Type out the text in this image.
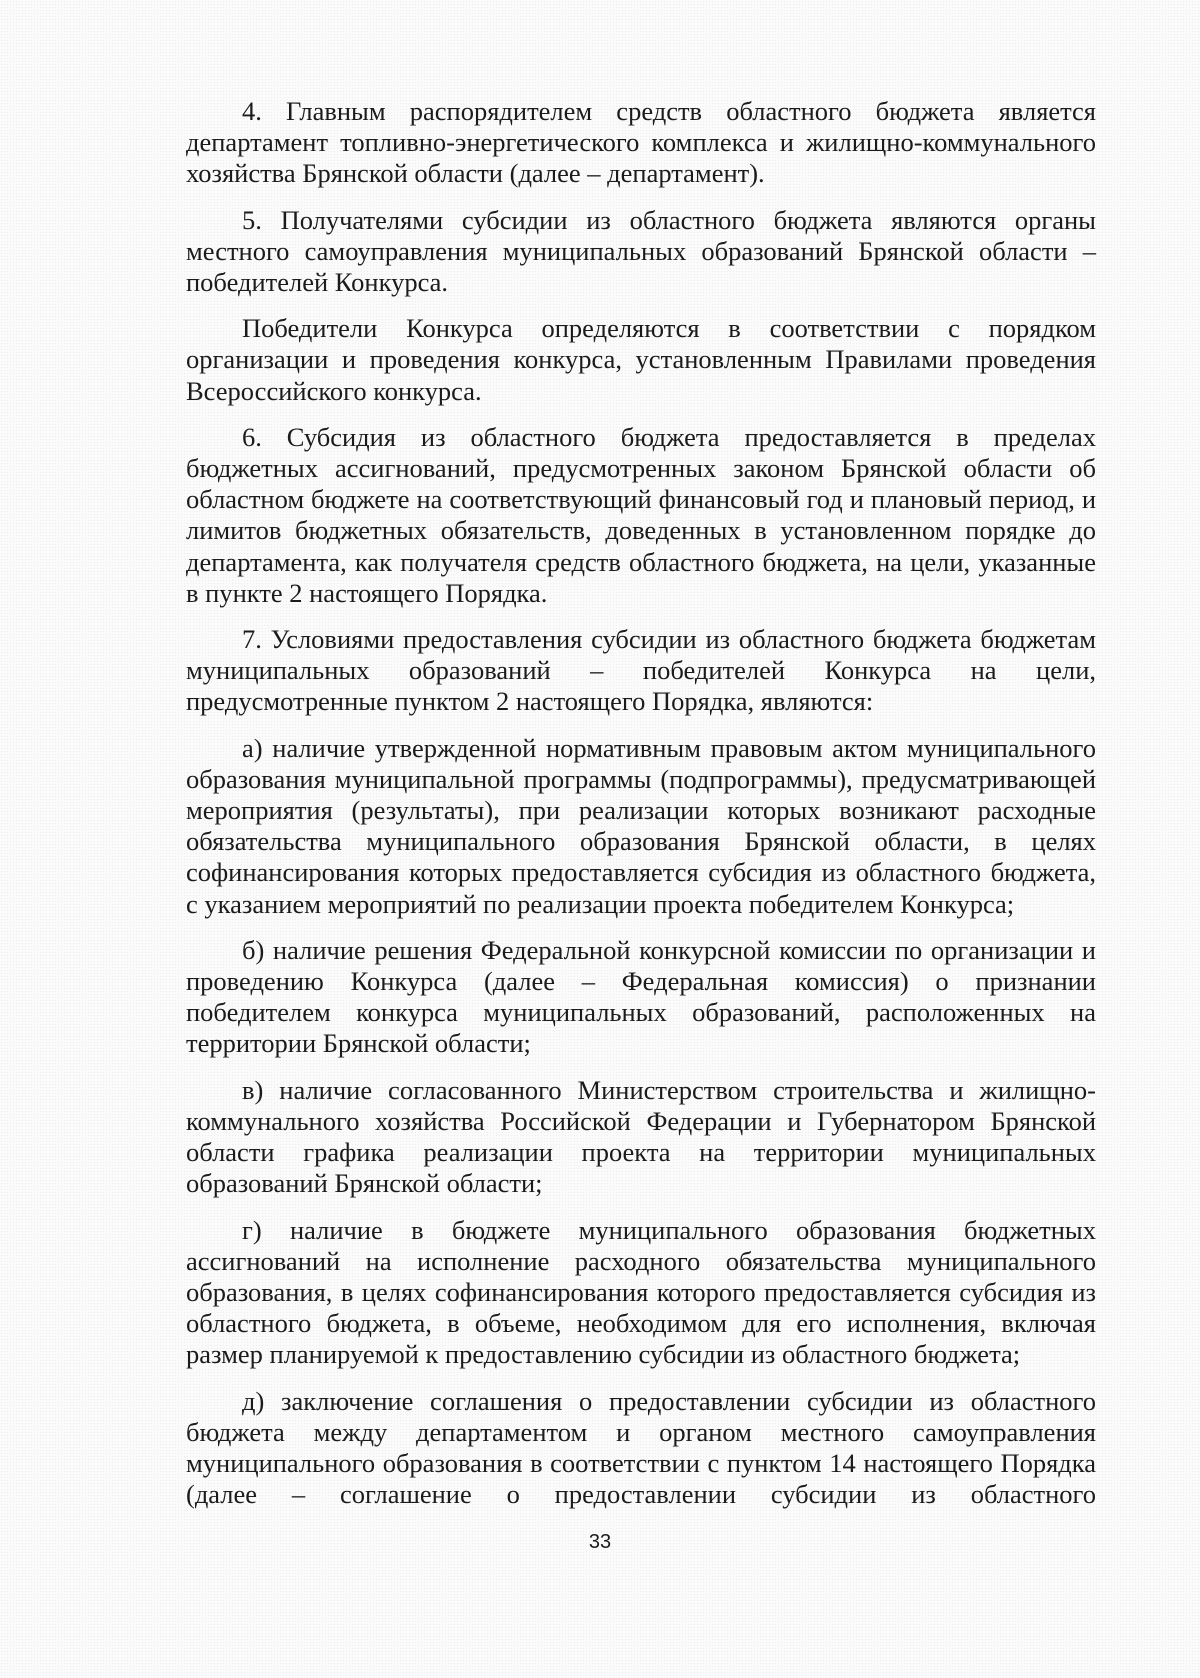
4. Главным распорядителем средств областного бюджета является департамент топливно-энергетического комплекса и жилищно-коммунального хозяйства Брянской области (далее – департамент).

5. Получателями субсидии из областного бюджета являются органы местного самоуправления муниципальных образований Брянской области – победителей Конкурса.

Победители Конкурса определяются в соответствии с порядком организации и проведения конкурса, установленным Правилами проведения Всероссийского конкурса.

6. Субсидия из областного бюджета предоставляется в пределах бюджетных ассигнований, предусмотренных законом Брянской области об областном бюджете на соответствующий финансовый год и плановый период, и лимитов бюджетных обязательств, доведенных в установленном порядке до департамента, как получателя средств областного бюджета, на цели, указанные в пункте 2 настоящего Порядка.

7. Условиями предоставления субсидии из областного бюджета бюджетам муниципальных образований – победителей Конкурса на цели, предусмотренные пунктом 2 настоящего Порядка, являются:

а) наличие утвержденной нормативным правовым актом муниципального образования муниципальной программы (подпрограммы), предусматривающей мероприятия (результаты), при реализации которых возникают расходные обязательства муниципального образования Брянской области, в целях софинансирования которых предоставляется субсидия из областного бюджета, с указанием мероприятий по реализации проекта победителем Конкурса;

б) наличие решения Федеральной конкурсной комиссии по организации и проведению Конкурса (далее – Федеральная комиссия) о признании победителем конкурса муниципальных образований, расположенных на территории Брянской области;

в) наличие согласованного Министерством строительства и жилищно-коммунального хозяйства Российской Федерации и Губернатором Брянской области графика реализации проекта на территории муниципальных образований Брянской области;

г) наличие в бюджете муниципального образования бюджетных ассигнований на исполнение расходного обязательства муниципального образования, в целях софинансирования которого предоставляется субсидия из областного бюджета, в объеме, необходимом для его исполнения, включая размер планируемой к предоставлению субсидии из областного бюджета;

д) заключение соглашения о предоставлении субсидии из областного бюджета между департаментом и органом местного самоуправления муниципального образования в соответствии с пунктом 14 настоящего Порядка (далее – соглашение о предоставлении субсидии из областного

33
